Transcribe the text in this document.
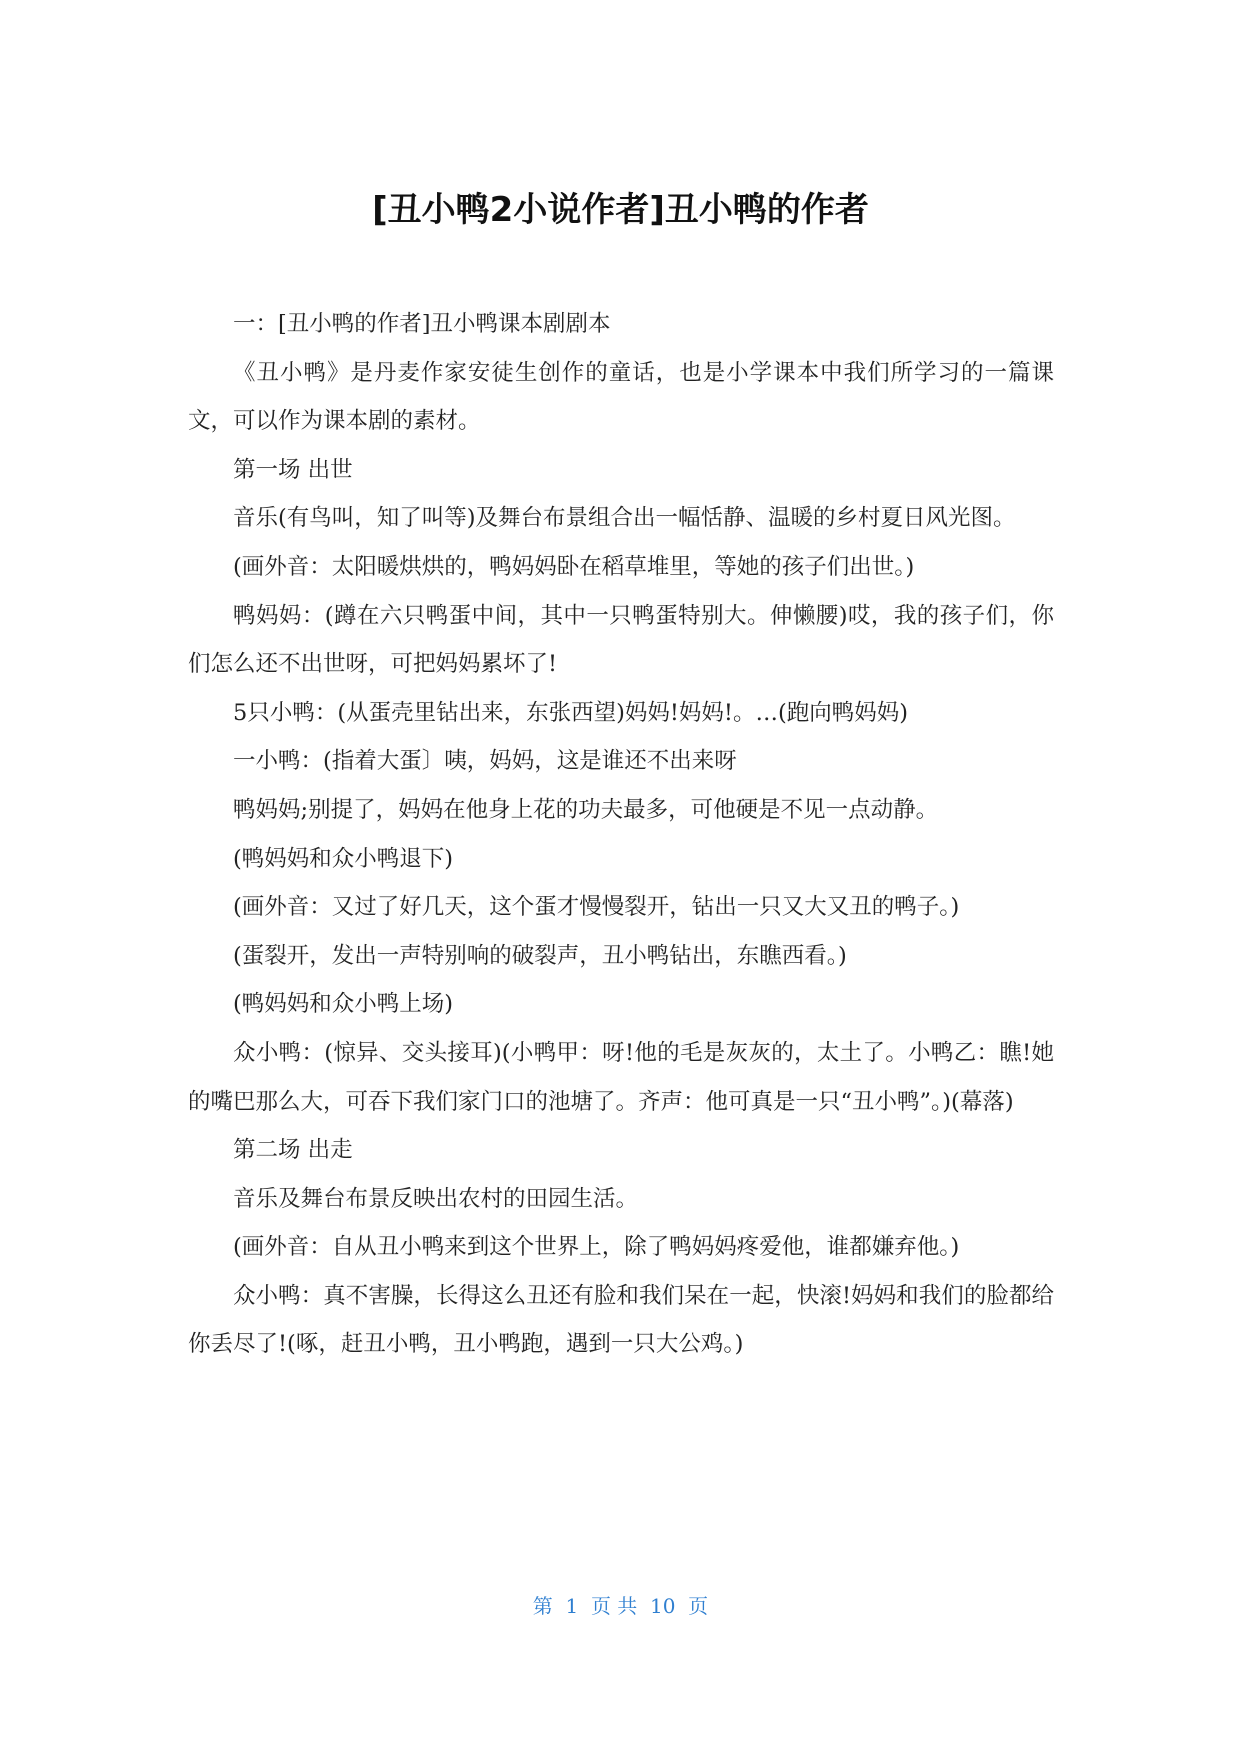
[丑小鸭2小说作者]丑小鸭的作者

一：[丑小鸭的作者]丑小鸭课本剧剧本

《丑小鸭》是丹麦作家安徒生创作的童话，也是小学课本中我们所学习的一篇课文，可以作为课本剧的素材。

第一场 出世

音乐(有鸟叫，知了叫等)及舞台布景组合出一幅恬静、温暖的乡村夏日风光图。

(画外音：太阳暖烘烘的，鸭妈妈卧在稻草堆里，等她的孩子们出世。)

鸭妈妈：(蹲在六只鸭蛋中间，其中一只鸭蛋特别大。伸懒腰)哎，我的孩子们，你们怎么还不出世呀，可把妈妈累坏了!

5只小鸭：(从蛋壳里钻出来，东张西望)妈妈!妈妈!。…(跑向鸭妈妈)

一小鸭：(指着大蛋〕咦，妈妈，这是谁还不出来呀

鸭妈妈;别提了，妈妈在他身上花的功夫最多，可他硬是不见一点动静。

(鸭妈妈和众小鸭退下)

(画外音：又过了好几天，这个蛋才慢慢裂开，钻出一只又大又丑的鸭子。)

(蛋裂开，发出一声特别响的破裂声，丑小鸭钻出，东瞧西看。)

(鸭妈妈和众小鸭上场)

众小鸭：(惊异、交头接耳)(小鸭甲：呀!他的毛是灰灰的，太土了。小鸭乙：瞧!她的嘴巴那么大，可吞下我们家门口的池塘了。齐声：他可真是一只“丑小鸭”。)(幕落)

第二场 出走

音乐及舞台布景反映出农村的田园生活。

(画外音：自从丑小鸭来到这个世界上，除了鸭妈妈疼爱他，谁都嫌弃他。)

众小鸭：真不害臊，长得这么丑还有脸和我们呆在一起，快滚!妈妈和我们的脸都给你丢尽了!(啄，赶丑小鸭，丑小鸭跑，遇到一只大公鸡。)

第  1  页 共  10  页
